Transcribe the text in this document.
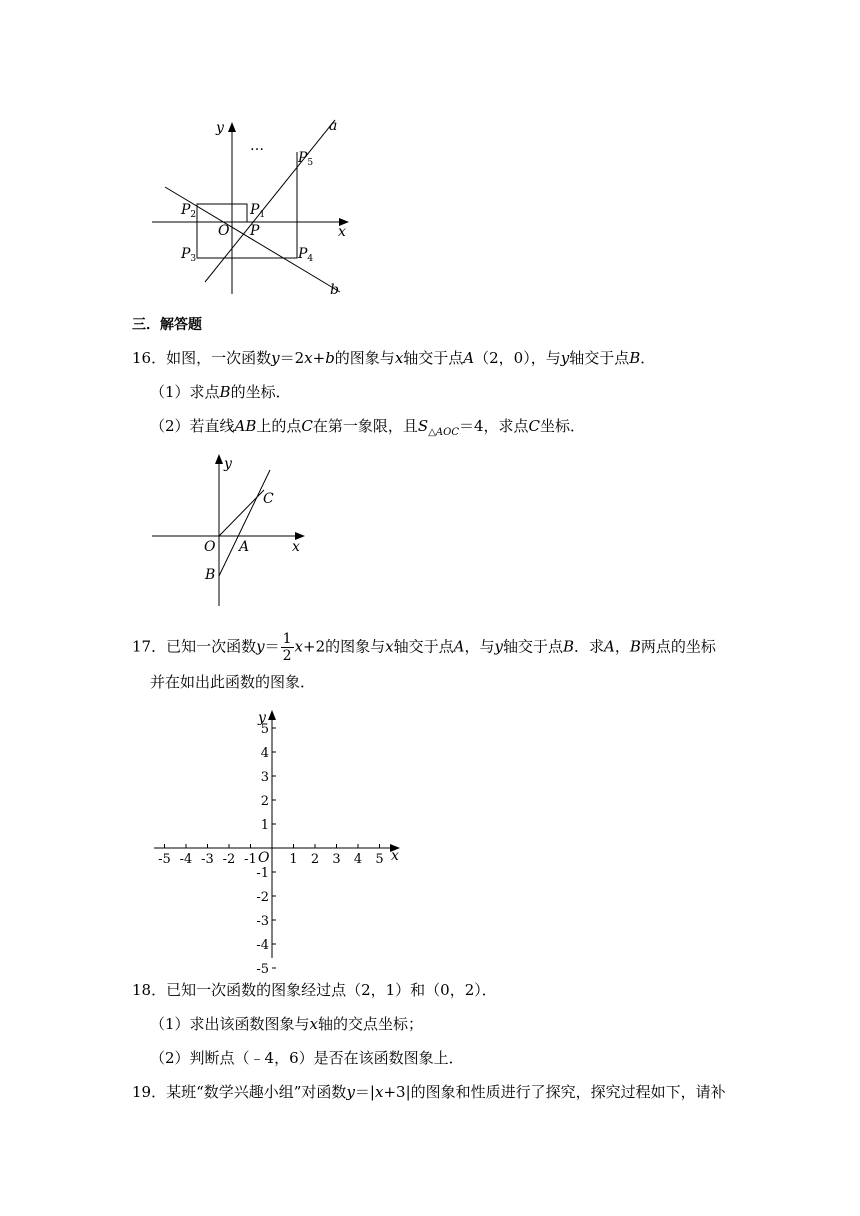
y
x
a
b
…
$P_1$
$P_2$
$P_3$	$P_4$
$P_5$
O P
三．解答题
16．如图，一次函数y＝2x+b的图象与x轴交于点A（2，0），与y轴交于点B．
（1）求点B的坐标．
（2）若直线AB上的点C在第一象限，且$S_{\triangle AOC}=4$，求点C坐标．
y
x
O A
B
C
17．已知一次函数$y= \frac{1}{2} x+2$的图象与x轴交于点A，与y轴交于点B．求A，B两点的坐标
并在如出此函数的图象．
-5 -4 -3 -2 -1	1 2 3 4 5
5
4
3
2
1
-1
-2
-3
-4
-5
O	x
y
18．已知一次函数的图象经过点（2，1）和（0，2）．
（1）求出该函数图象与x轴的交点坐标；
（2）判断点（﹣4，6）是否在该函数图象上．
19．某班“数学兴趣小组”对函数y＝|x+3|的图象和性质进行了探究，探究过程如下，请补
